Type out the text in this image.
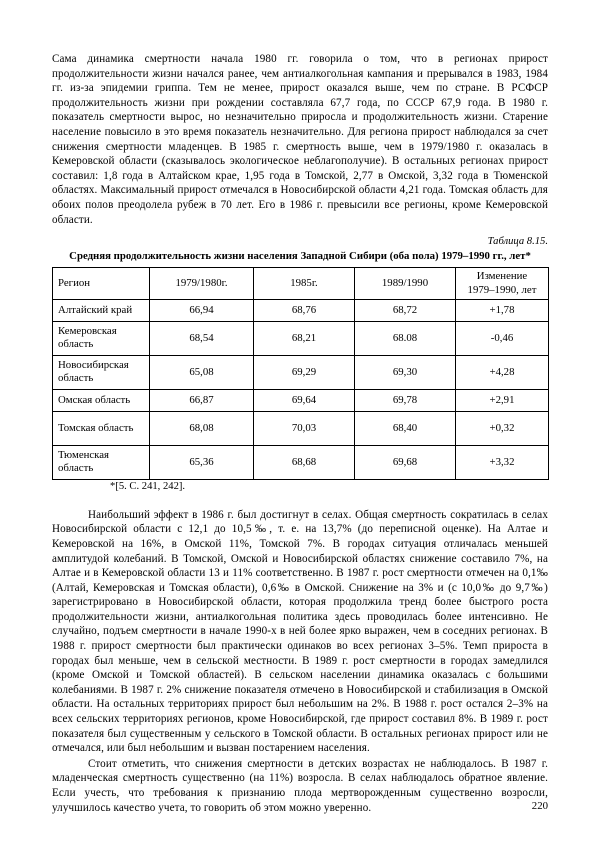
Сама динамика смертности начала 1980 гг. говорила о том, что в регионах прирост продолжительности жизни начался ранее, чем антиалкогольная кампания и прерывался в 1983, 1984 гг. из-за эпидемии гриппа. Тем не менее, прирост оказался выше, чем по стране. В РСФСР продолжительность жизни при рождении составляла 67,7 года, по СССР 67,9 года. В 1980 г. показатель смертности вырос, но незначительно приросла и продолжительность жизни. Старение население повысило в это время показатель незначительно. Для региона прирост наблюдался за счет снижения смертности младенцев. В 1985 г. смертность выше, чем в 1979/1980 г. оказалась в Кемеровской области (сказывалось экологическое неблагополучие). В остальных регионах прирост составил: 1,8 года в Алтайском крае, 1,95 года в Томской, 2,77 в Омской, 3,32 года в Тюменской областях. Максимальный прирост отмечался в Новосибирской области 4,21 года. Томская область для обоих полов преодолела рубеж в 70 лет. Его в 1986 г. превысили все регионы, кроме Кемеровской области.

Таблица 8.15.

Средняя продолжительность жизни населения Западной Сибири (оба пола) 1979–1990 гг., лет*

Регион	1979/1980г.	1985г.	1989/1990	Изменение
1979–1990, лет
Алтайский край	66,94	68,76	68,72	+1,78
Кемеровская область	68,54	68,21	68.08	-0,46
Новосибирская область	65,08	69,29	69,30	+4,28
Омская область	66,87	69,64	69,78	+2,91
Томская область	68,08	70,03	68,40	+0,32
Тюменская область	65,36	68,68	69,68	+3,32

*[5. С. 241, 242].

Наибольший эффект в 1986 г. был достигнут в селах. Общая смертность сократилась в селах Новосибирской области с 12,1 до 10,5‰, т. е. на 13,7% (до переписной оценке). На Алтае и Кемеровской на 16%, в Омской 11%, Томской 7%. В городах ситуация отличалась меньшей амплитудой колебаний. В Томской, Омской и Новосибирской областях снижение составило 7%, на Алтае и в Кемеровской области 13 и 11% соответственно. В 1987 г. рост смертности отмечен на 0,1‰ (Алтай, Кемеровская и Томская области), 0,6‰ в Омской. Снижение на 3% и (с 10,0‰ до 9,7‰) зарегистрировано в Новосибирской области, которая продолжила тренд более быстрого роста продолжительности жизни, антиалкогольная политика здесь проводилась более интенсивно. Не случайно, подъем смертности в начале 1990-х в ней более ярко выражен, чем в соседних регионах. В 1988 г. прирост смертности был практически одинаков во всех регионах 3–5%. Темп прироста в городах был меньше, чем в сельской местности. В 1989 г. рост смертности в городах замедлился (кроме Омской и Томской областей). В сельском населении динамика оказалась с большими колебаниями. В 1987 г. 2% снижение показателя отмечено в Новосибирской и стабилизация в Омской области. На остальных территориях прирост был небольшим на 2%. В 1988 г. рост остался 2–3% на всех сельских территориях регионов, кроме Новосибирской, где прирост составил 8%. В 1989 г. рост показателя был существенным у сельского в Томской области. В остальных регионах прирост или не отмечался, или был небольшим и вызван постарением населения.

Стоит отметить, что снижения смертности в детских возрастах не наблюдалось. В 1987 г. младенческая смертность существенно (на 11%) возросла. В селах наблюдалось обратное явление. Если учесть, что требования к признанию плода мертворожденным существенно возросли, улучшилось качество учета, то говорить об этом можно уверенно.	220
